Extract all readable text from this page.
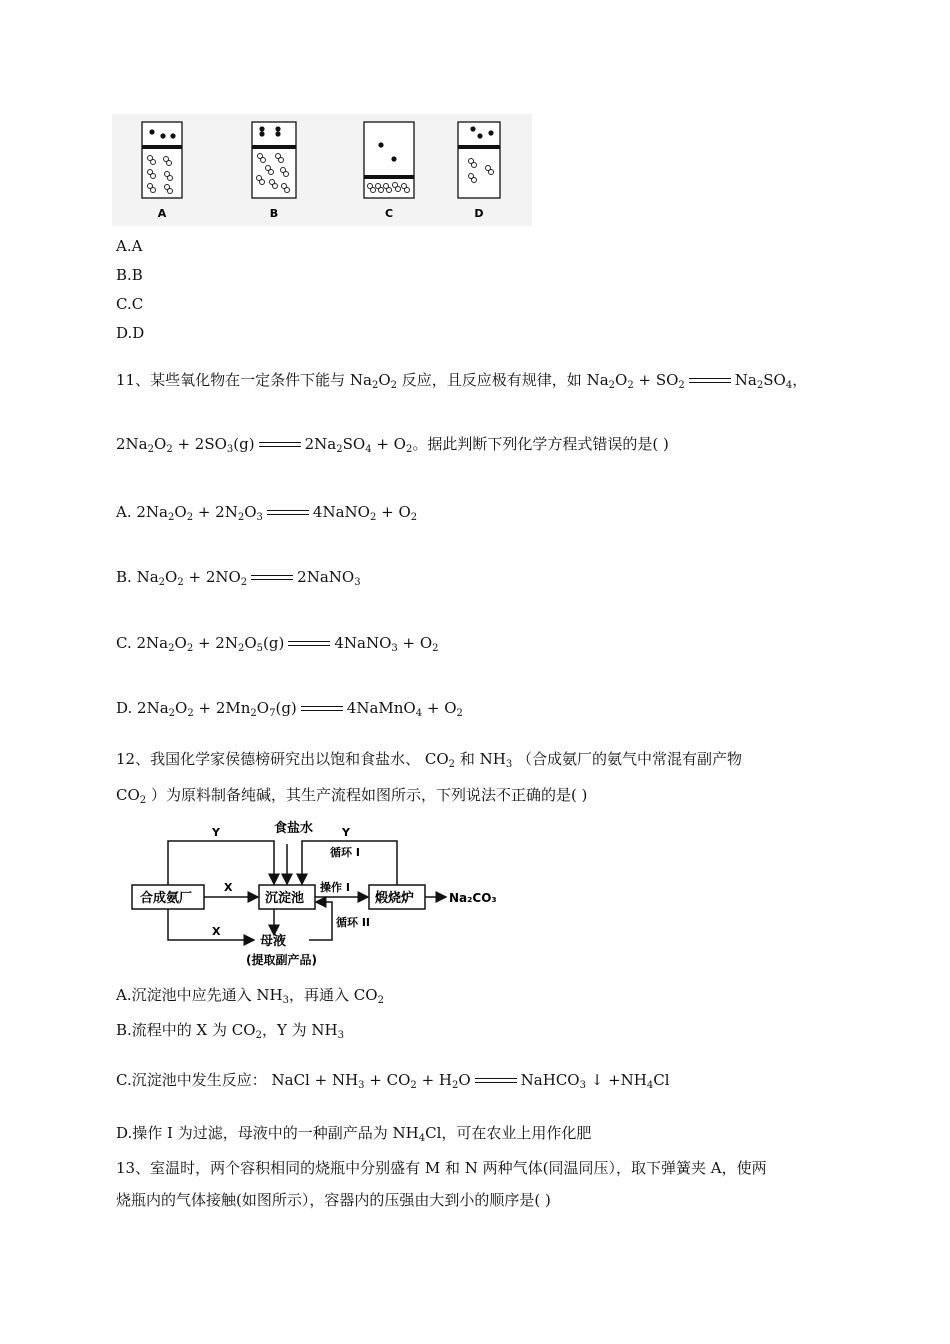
A	B	C	D
A.A
B.B
C.C
D.D
11、某些氧化物在一定条件下能与 $Na_2O_2$ 反应，且反应极有规律，如 $Na_2O_2 + SO_2$	$Na_2SO_4$，
$2Na_2O_2 + 2SO_3(g)$	$2Na_2SO_4 + O_2$。据此判断下列化学方程式错误的是( )
A. $2Na_2O_2 + 2N_2O_3$	4NaNO$_2$ + $O_2$
B. $Na_2O_2 + 2NO_2$	2NaNO$_3$
C. $2Na_2O_2 + 2N_2O_5(g)$	4NaNO$_3$ + $O_2$
D. $2Na_2O_2 + 2Mn_2O_7(g)$	4NaMnO$_4$ + $O_2$
12、我国化学家侯德榜研究出以饱和食盐水、 $CO_2$ 和 $NH_3$ （合成氨厂的氨气中常混有副产物
$CO_2$ ）为原料制备纯碱，其生产流程如图所示，下列说法不正确的是( )
食盐水
Y	Y
循环 I
X	操作 I
合成氨厂	沉淀池	煅烧炉	Na₂CO₃
循环 II
X
母液
(提取副产品)
A.沉淀池中应先通入 $NH_3$，再通入 $CO_2$
B.流程中的 X 为 $CO_2$，Y 为 $NH_3$
C.沉淀池中发生反应： NaCl + $NH_3 + CO_2 + H_2O$	NaHCO$_3$ ↓ $+NH_4Cl$
D.操作 I 为过滤，母液中的一种副产品为 $NH_4Cl$，可在农业上用作化肥
13、室温时，两个容积相同的烧瓶中分别盛有 M 和 N 两种气体(同温同压），取下弹簧夹 A，使两
烧瓶内的气体接触(如图所示），容器内的压强由大到小的顺序是( )
